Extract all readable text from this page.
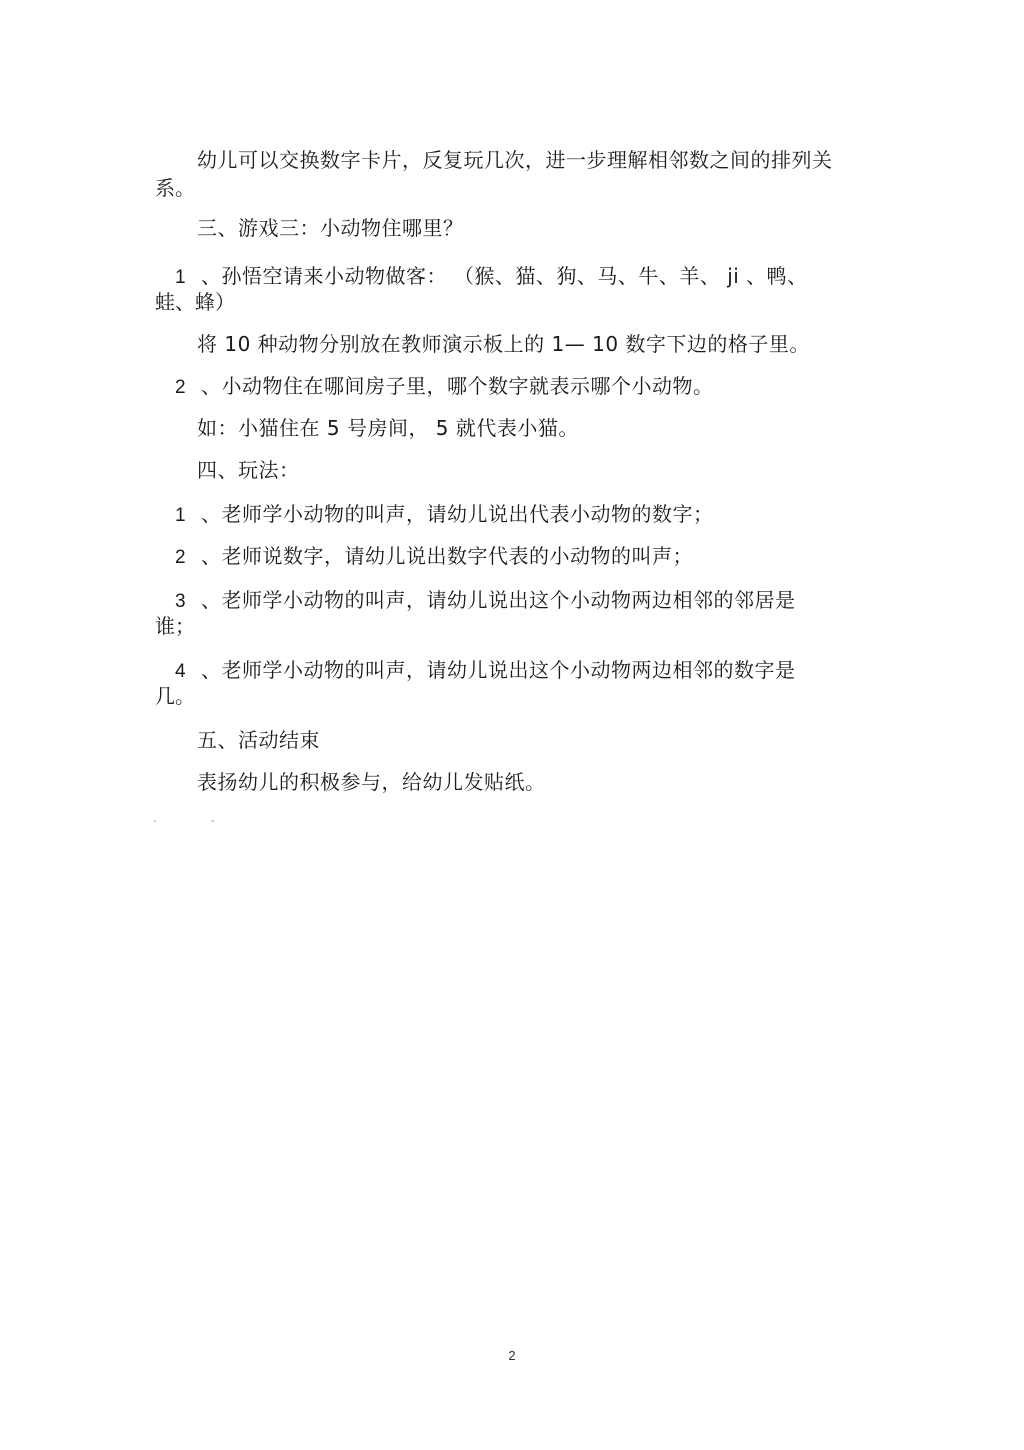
幼儿可以交换数字卡片，反复玩几次，进一步理解相邻数之间的排列关
系。
三、游戏三：小动物住哪里？
1 、孙悟空请来小动物做客： （猴、猫、狗、马、牛、羊、 ji 、鸭、
蛙、蜂）
将 10 种动物分别放在教师演示板上的 1— 10 数字下边的格子里。
2 、小动物住在哪间房子里，哪个数字就表示哪个小动物。
如：小猫住在 5 号房间， 5 就代表小猫。
四、玩法：
1 、老师学小动物的叫声，请幼儿说出代表小动物的数字；
2 、老师说数字，请幼儿说出数字代表的小动物的叫声；
3 、老师学小动物的叫声，请幼儿说出这个小动物两边相邻的邻居是
谁；
4 、老师学小动物的叫声，请幼儿说出这个小动物两边相邻的数字是
几。
五、活动结束
表扬幼儿的积极参与，给幼儿发贴纸。
2
